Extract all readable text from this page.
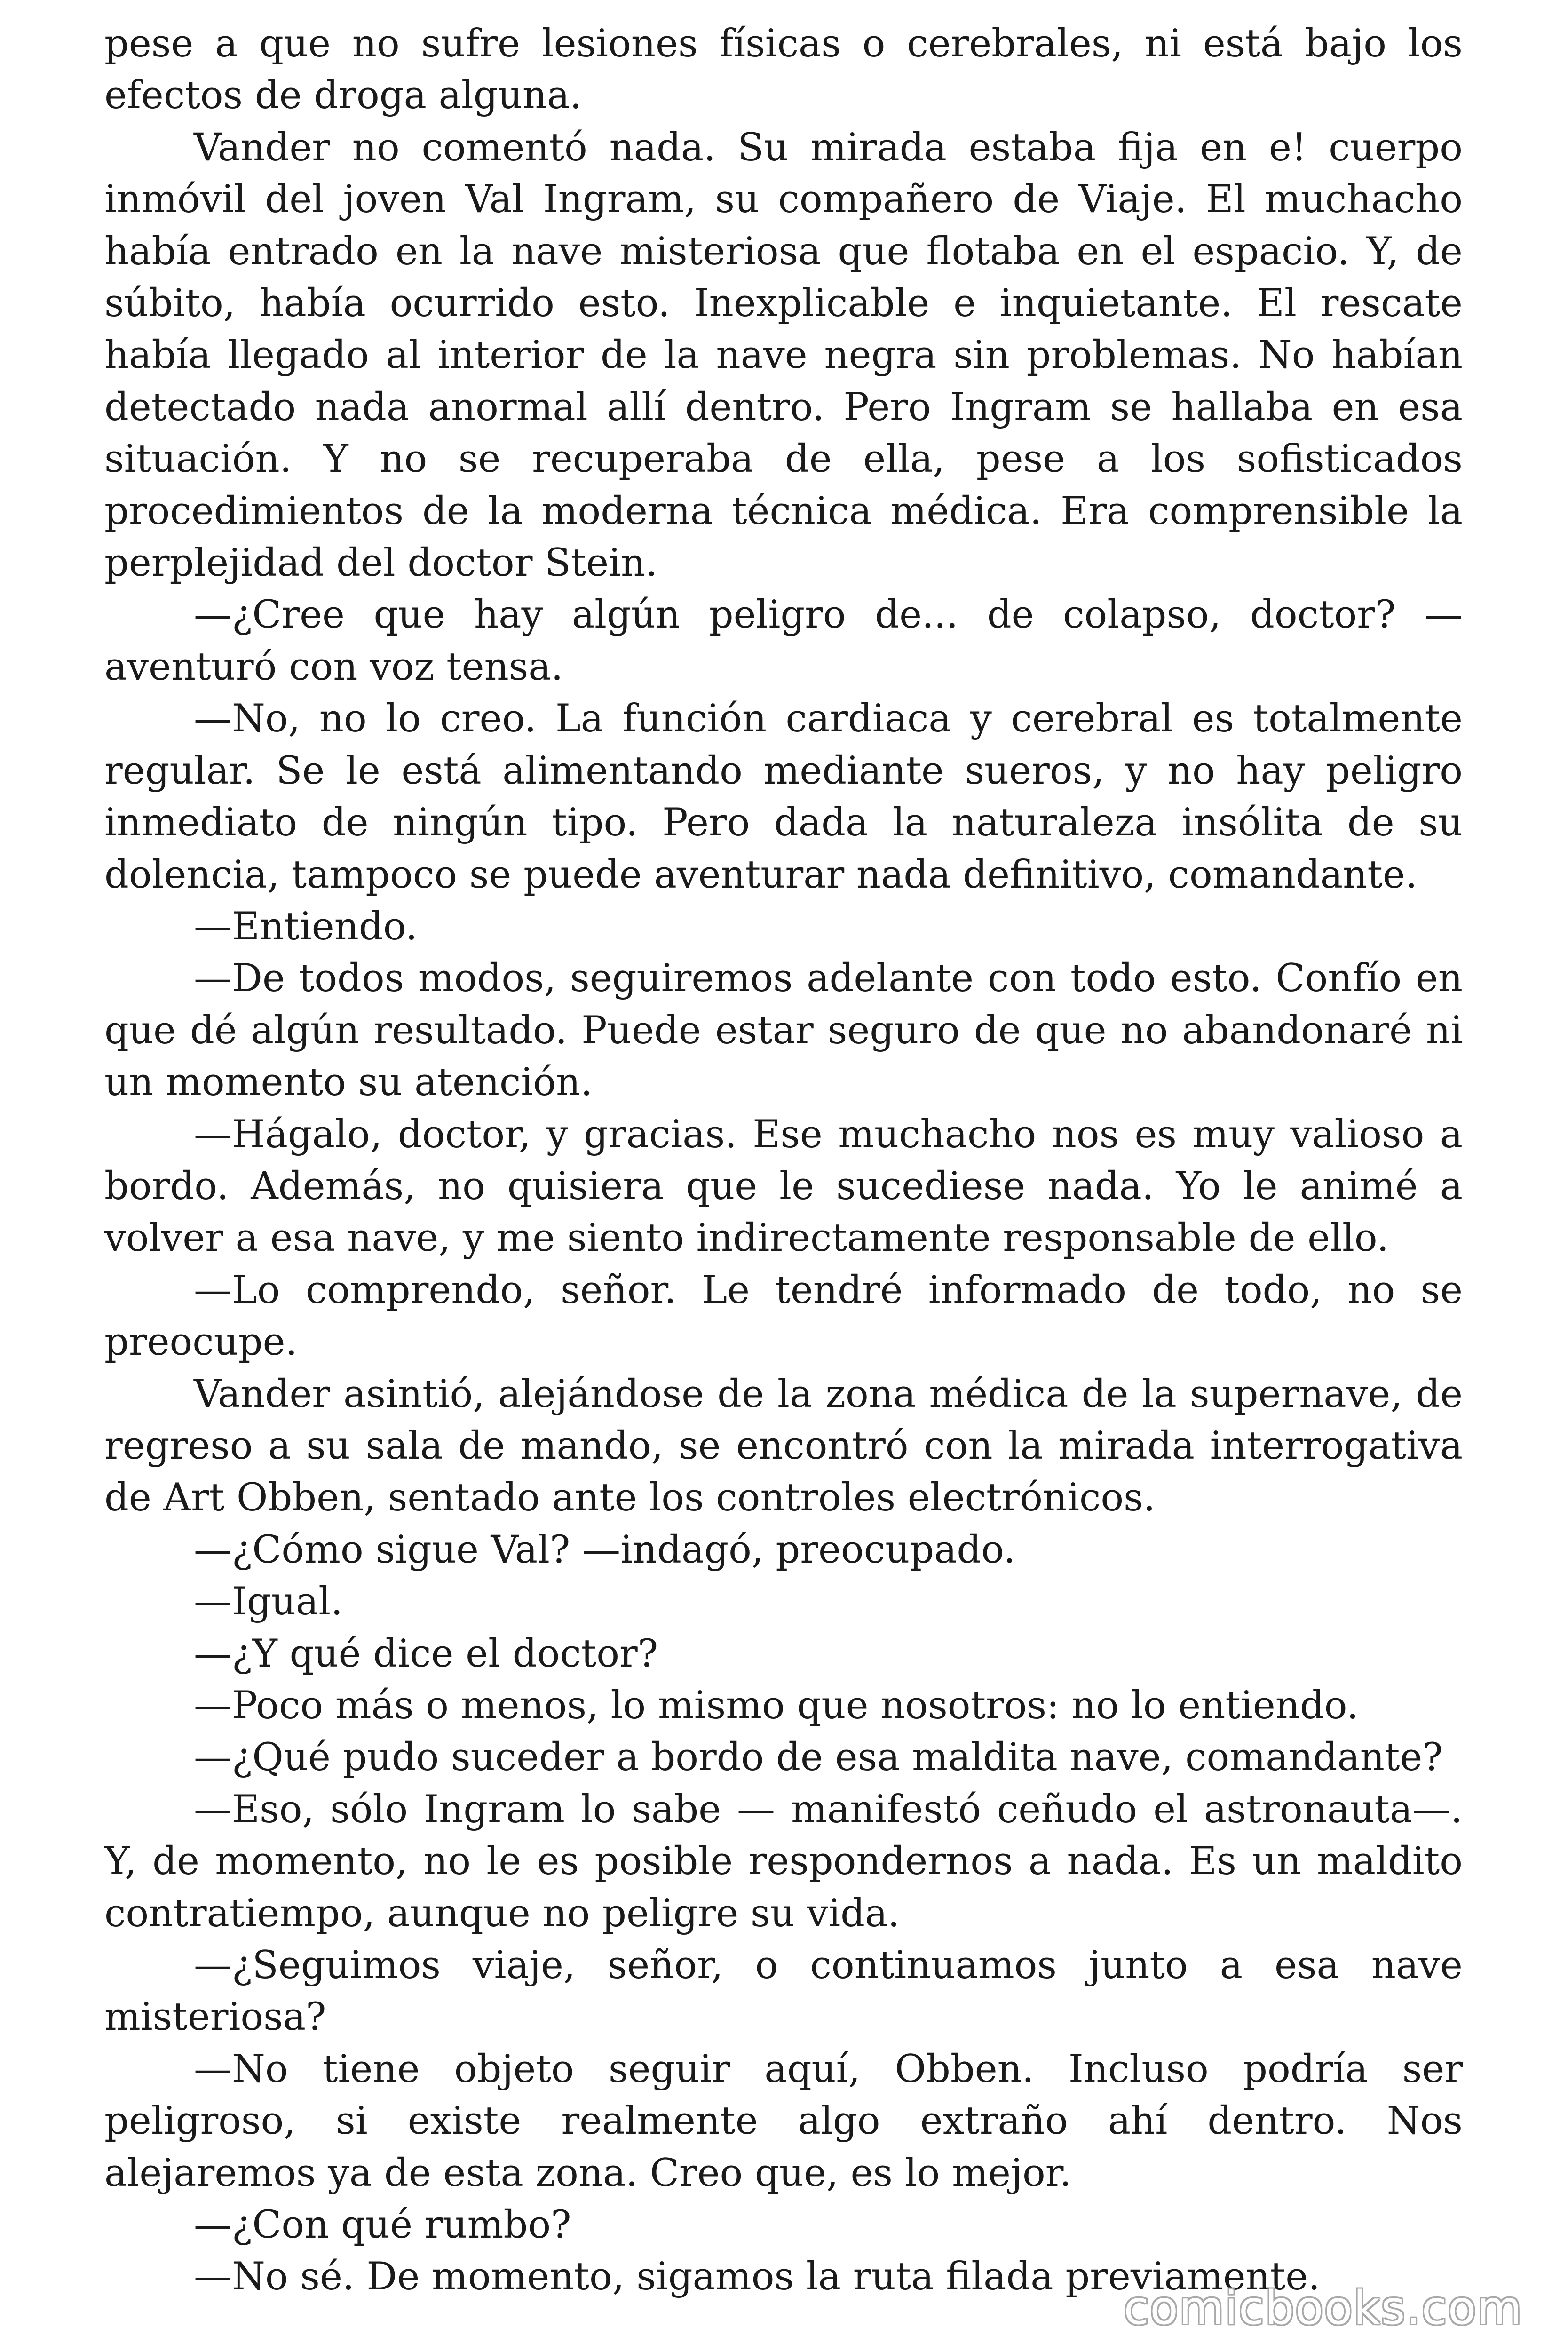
pese a que no sufre lesiones físicas o cerebrales, ni está bajo los efectos de droga alguna.

Vander no comentó nada. Su mirada estaba fija en e! cuerpo inmóvil del joven Val Ingram, su compañero de Viaje. El muchacho había entrado en la nave misteriosa que flotaba en el espacio. Y, de súbito, había ocurrido esto. Inexplicable e inquietante. El rescate había llegado al interior de la nave negra sin problemas. No habían detectado nada anormal allí dentro. Pero Ingram se hallaba en esa situación. Y no se recuperaba de ella, pese a los sofisticados procedimientos de la moderna técnica médica. Era comprensible la perplejidad del doctor Stein.

—¿Cree que hay algún peligro de... de colapso, doctor? —aventuró con voz tensa.

—No, no lo creo. La función cardiaca y cerebral es totalmente regular. Se le está alimentando mediante sueros, y no hay peligro inmediato de ningún tipo. Pero dada la naturaleza insólita de su dolencia, tampoco se puede aventurar nada definitivo, comandante.

—Entiendo.

—De todos modos, seguiremos adelante con todo esto. Confío en que dé algún resultado. Puede estar seguro de que no abandonaré ni un momento su atención.

—Hágalo, doctor, y gracias. Ese muchacho nos es muy valioso a bordo. Además, no quisiera que le sucediese nada. Yo le animé a volver a esa nave, y me siento indirectamente responsable de ello.

—Lo comprendo, señor. Le tendré informado de todo, no se preocupe.

Vander asintió, alejándose de la zona médica de la supernave, de regreso a su sala de mando, se encontró con la mirada interrogativa de Art Obben, sentado ante los controles electrónicos.

—¿Cómo sigue Val? —indagó, preocupado.

—Igual.

—¿Y qué dice el doctor?

—Poco más o menos, lo mismo que nosotros: no lo entiendo.

—¿Qué pudo suceder a bordo de esa maldita nave, comandante?

—Eso, sólo Ingram lo sabe — manifestó ceñudo el astronauta—. Y, de momento, no le es posible respondernos a nada. Es un maldito contratiempo, aunque no peligre su vida.

—¿Seguimos viaje, señor, o continuamos junto a esa nave misteriosa?

—No tiene objeto seguir aquí, Obben. Incluso podría ser peligroso, si existe realmente algo extraño ahí dentro. Nos alejaremos ya de esta zona. Creo que, es lo mejor.

—¿Con qué rumbo?

—No sé. De momento, sigamos la ruta filada previamente.

comicbooks.com
